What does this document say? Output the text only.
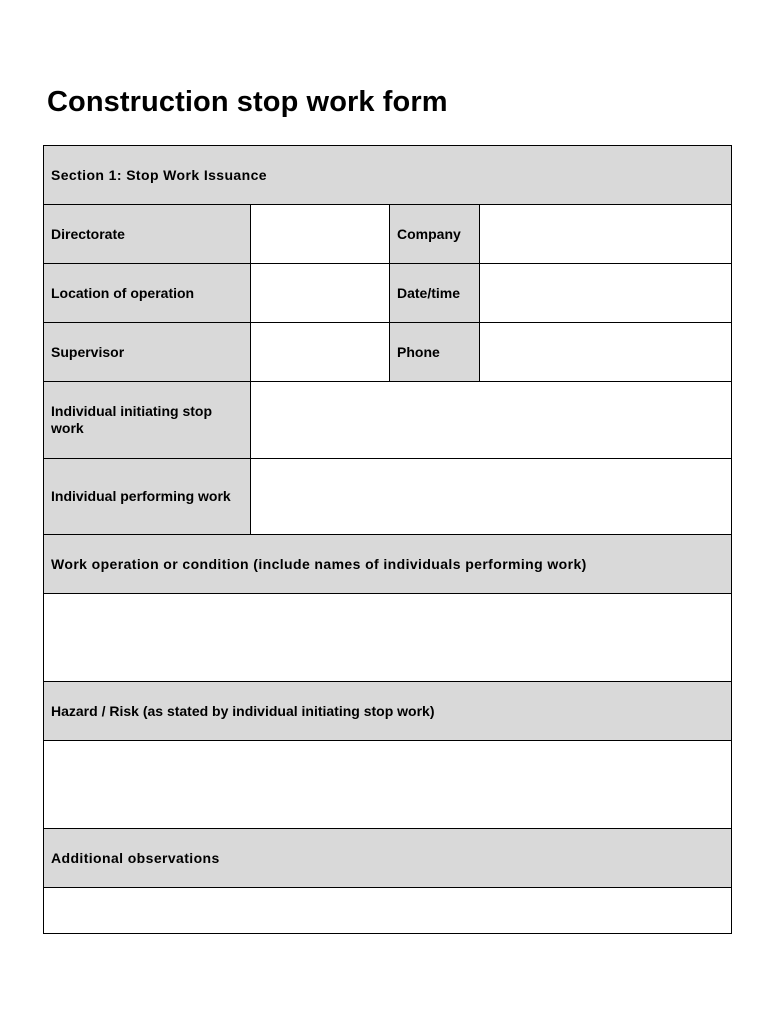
Construction stop work form
Section 1: Stop Work Issuance			

Directorate		Company	

Location of operation		Date/time	

Supervisor		Phone	

Individual initiating stop work			

Individual performing work			

Work operation or condition (include names of individuals performing work)			

Hazard / Risk (as stated by individual initiating stop work)			

Additional observations			
